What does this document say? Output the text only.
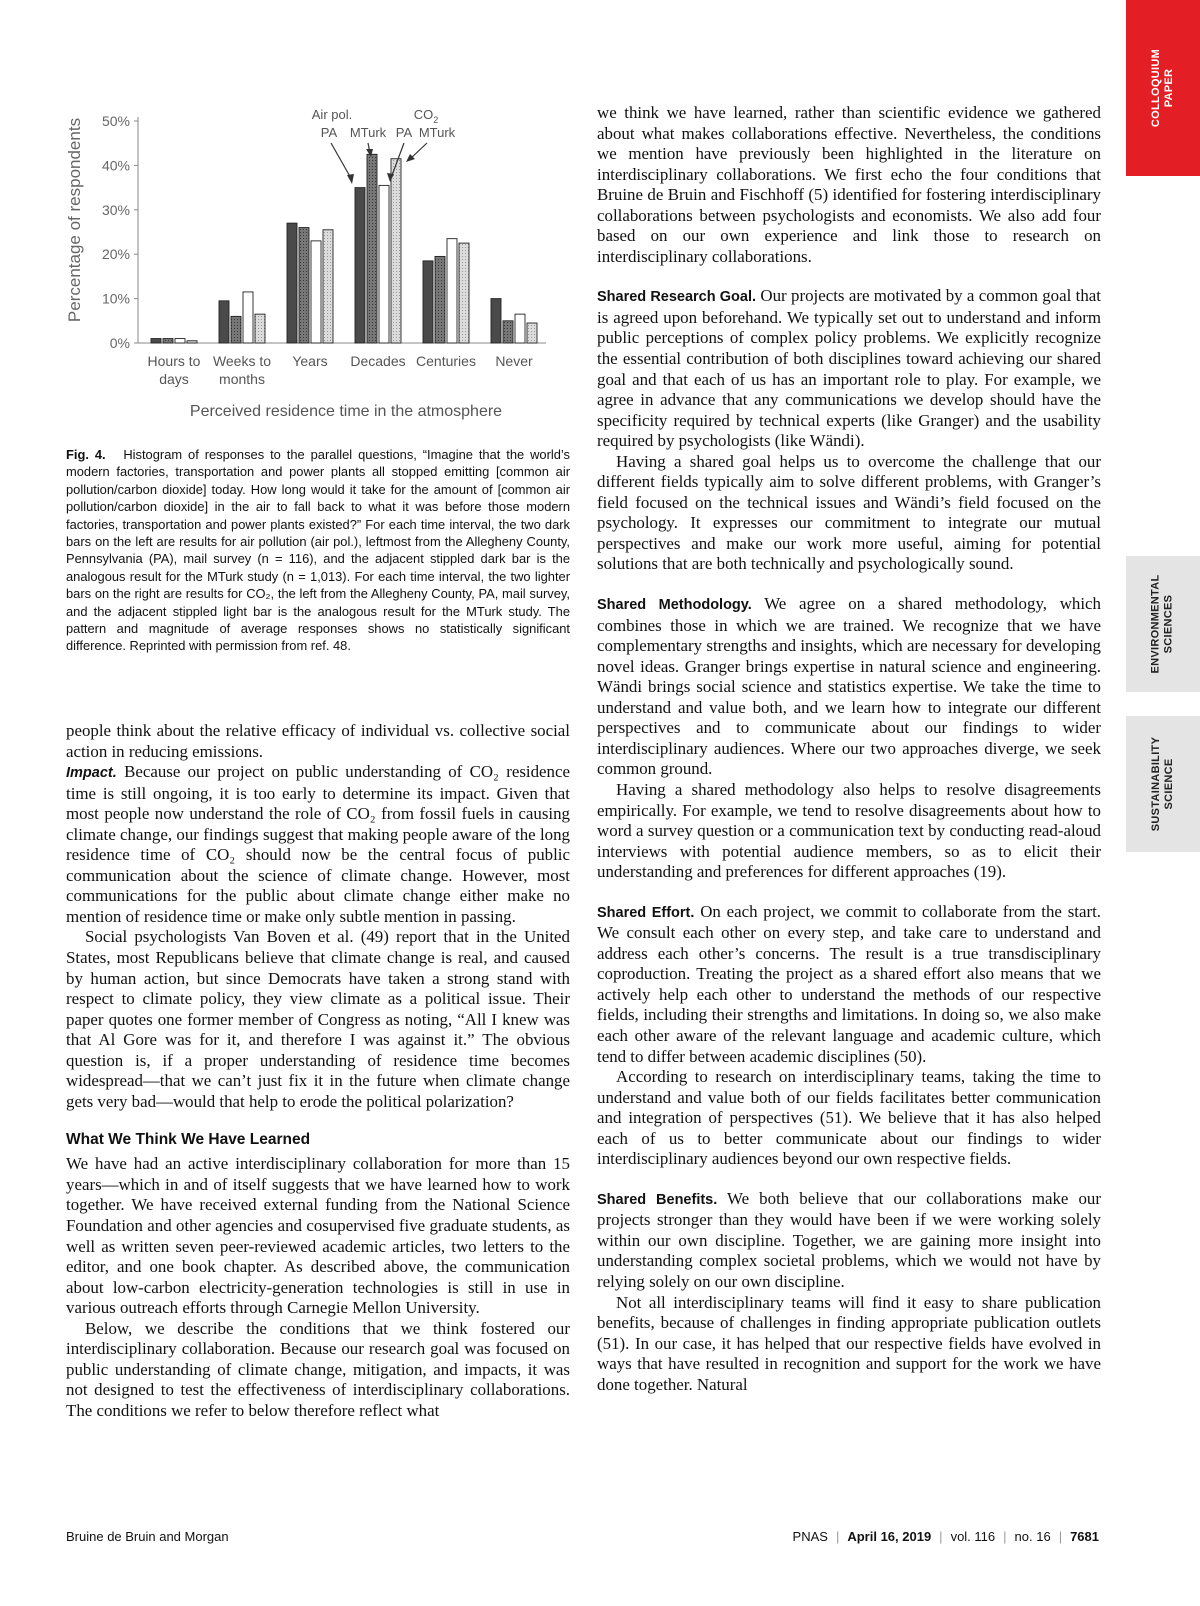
COLLOQUIUM
PAPER
ENVIRONMENTAL
SCIENCES
SUSTAINABILITY
SCIENCE
0%
10%
20%
30%
40%
50%
Hours to days
Weeks to months
Years Decades Centuries Never
Air pol.	$CO_2$
PA MTurk PA MTurk
Percentage of respondents
Perceived residence time in the atmosphere
Fig. 4. Histogram of responses to the parallel questions, “Imagine that the world’s modern factories, transportation and power plants all stopped emitting [common air pollution/carbon dioxide] today. How long would it take for the amount of [common air pollution/carbon dioxide] in the air to fall back to what it was before those modern factories, transportation and power plants existed?” For each time interval, the two dark bars on the left are results for air pollution (air pol.), leftmost from the Allegheny County, Pennsylvania (PA), mail survey (n = 116), and the adjacent stippled dark bar is the analogous result for the MTurk study (n = 1,013). For each time interval, the two lighter bars on the right are results for CO₂, the left from the Allegheny County, PA, mail survey, and the adjacent stippled light bar is the analogous result for the MTurk study. The pattern and magnitude of average responses shows no statistically significant difference. Reprinted with permission from ref. 48.

people think about the relative efficacy of individual vs. collective social action in reducing emissions.

Impact. Because our project on public understanding of CO₂ residence time is still ongoing, it is too early to determine its impact. Given that most people now understand the role of CO₂ from fossil fuels in causing climate change, our findings suggest that making people aware of the long residence time of CO₂ should now be the central focus of public communication about the science of climate change. However, most communications for the public about climate change either make no mention of residence time or make only subtle mention in passing.

Social psychologists Van Boven et al. (49) report that in the United States, most Republicans believe that climate change is real, and caused by human action, but since Democrats have taken a strong stand with respect to climate policy, they view climate as a political issue. Their paper quotes one former member of Congress as noting, “All I knew was that Al Gore was for it, and therefore I was against it.” The obvious question is, if a proper understanding of residence time becomes widespread—that we can’t just fix it in the future when climate change gets very bad—would that help to erode the political polarization?

What We Think We Have Learned

We have had an active interdisciplinary collaboration for more than 15 years—which in and of itself suggests that we have learned how to work together. We have received external funding from the National Science Foundation and other agencies and cosupervised five graduate students, as well as written seven peer-reviewed academic articles, two letters to the editor, and one book chapter. As described above, the communication about low-carbon electricity-generation technologies is still in use in various outreach efforts through Carnegie Mellon University.

Below, we describe the conditions that we think fostered our interdisciplinary collaboration. Because our research goal was focused on public understanding of climate change, mitigation, and impacts, it was not designed to test the effectiveness of interdisciplinary collaborations. The conditions we refer to below therefore reflect what

we think we have learned, rather than scientific evidence we gathered about what makes collaborations effective. Nevertheless, the conditions we mention have previously been highlighted in the literature on interdisciplinary collaborations. We first echo the four conditions that Bruine de Bruin and Fischhoff (5) identified for fostering interdisciplinary collaborations between psychologists and economists. We also add four based on our own experience and link those to research on interdisciplinary collaborations.

Shared Research Goal. Our projects are motivated by a common goal that is agreed upon beforehand. We typically set out to understand and inform public perceptions of complex policy problems. We explicitly recognize the essential contribution of both disciplines toward achieving our shared goal and that each of us has an important role to play. For example, we agree in advance that any communications we develop should have the specificity required by technical experts (like Granger) and the usability required by psychologists (like Wändi).

Having a shared goal helps us to overcome the challenge that our different fields typically aim to solve different problems, with Granger’s field focused on the technical issues and Wändi’s field focused on the psychology. It expresses our commitment to integrate our mutual perspectives and make our work more useful, aiming for potential solutions that are both technically and psychologically sound.

Shared Methodology. We agree on a shared methodology, which combines those in which we are trained. We recognize that we have complementary strengths and insights, which are necessary for developing novel ideas. Granger brings expertise in natural science and engineering. Wändi brings social science and statistics expertise. We take the time to understand and value both, and we learn how to integrate our different perspectives and to communicate about our findings to wider interdisciplinary audiences. Where our two approaches diverge, we seek common ground.

Having a shared methodology also helps to resolve disagreements empirically. For example, we tend to resolve disagreements about how to word a survey question or a communication text by conducting read-aloud interviews with potential audience members, so as to elicit their understanding and preferences for different approaches (19).

Shared Effort. On each project, we commit to collaborate from the start. We consult each other on every step, and take care to understand and address each other’s concerns. The result is a true transdisciplinary coproduction. Treating the project as a shared effort also means that we actively help each other to understand the methods of our respective fields, including their strengths and limitations. In doing so, we also make each other aware of the relevant language and academic culture, which tend to differ between academic disciplines (50).

According to research on interdisciplinary teams, taking the time to understand and value both of our fields facilitates better communication and integration of perspectives (51). We believe that it has also helped each of us to better communicate about our findings to wider interdisciplinary audiences beyond our own respective fields.

Shared Benefits. We both believe that our collaborations make our projects stronger than they would have been if we were working solely within our own discipline. Together, we are gaining more insight into understanding complex societal problems, which we would not have by relying solely on our own discipline.

Not all interdisciplinary teams will find it easy to share publication benefits, because of challenges in finding appropriate publication outlets (51). In our case, it has helped that our respective fields have evolved in ways that have resulted in recognition and support for the work we have done together. Natural

Bruine de Bruin and Morgan	PNAS | April 16, 2019 | vol. 116 | no. 16 | 7681
